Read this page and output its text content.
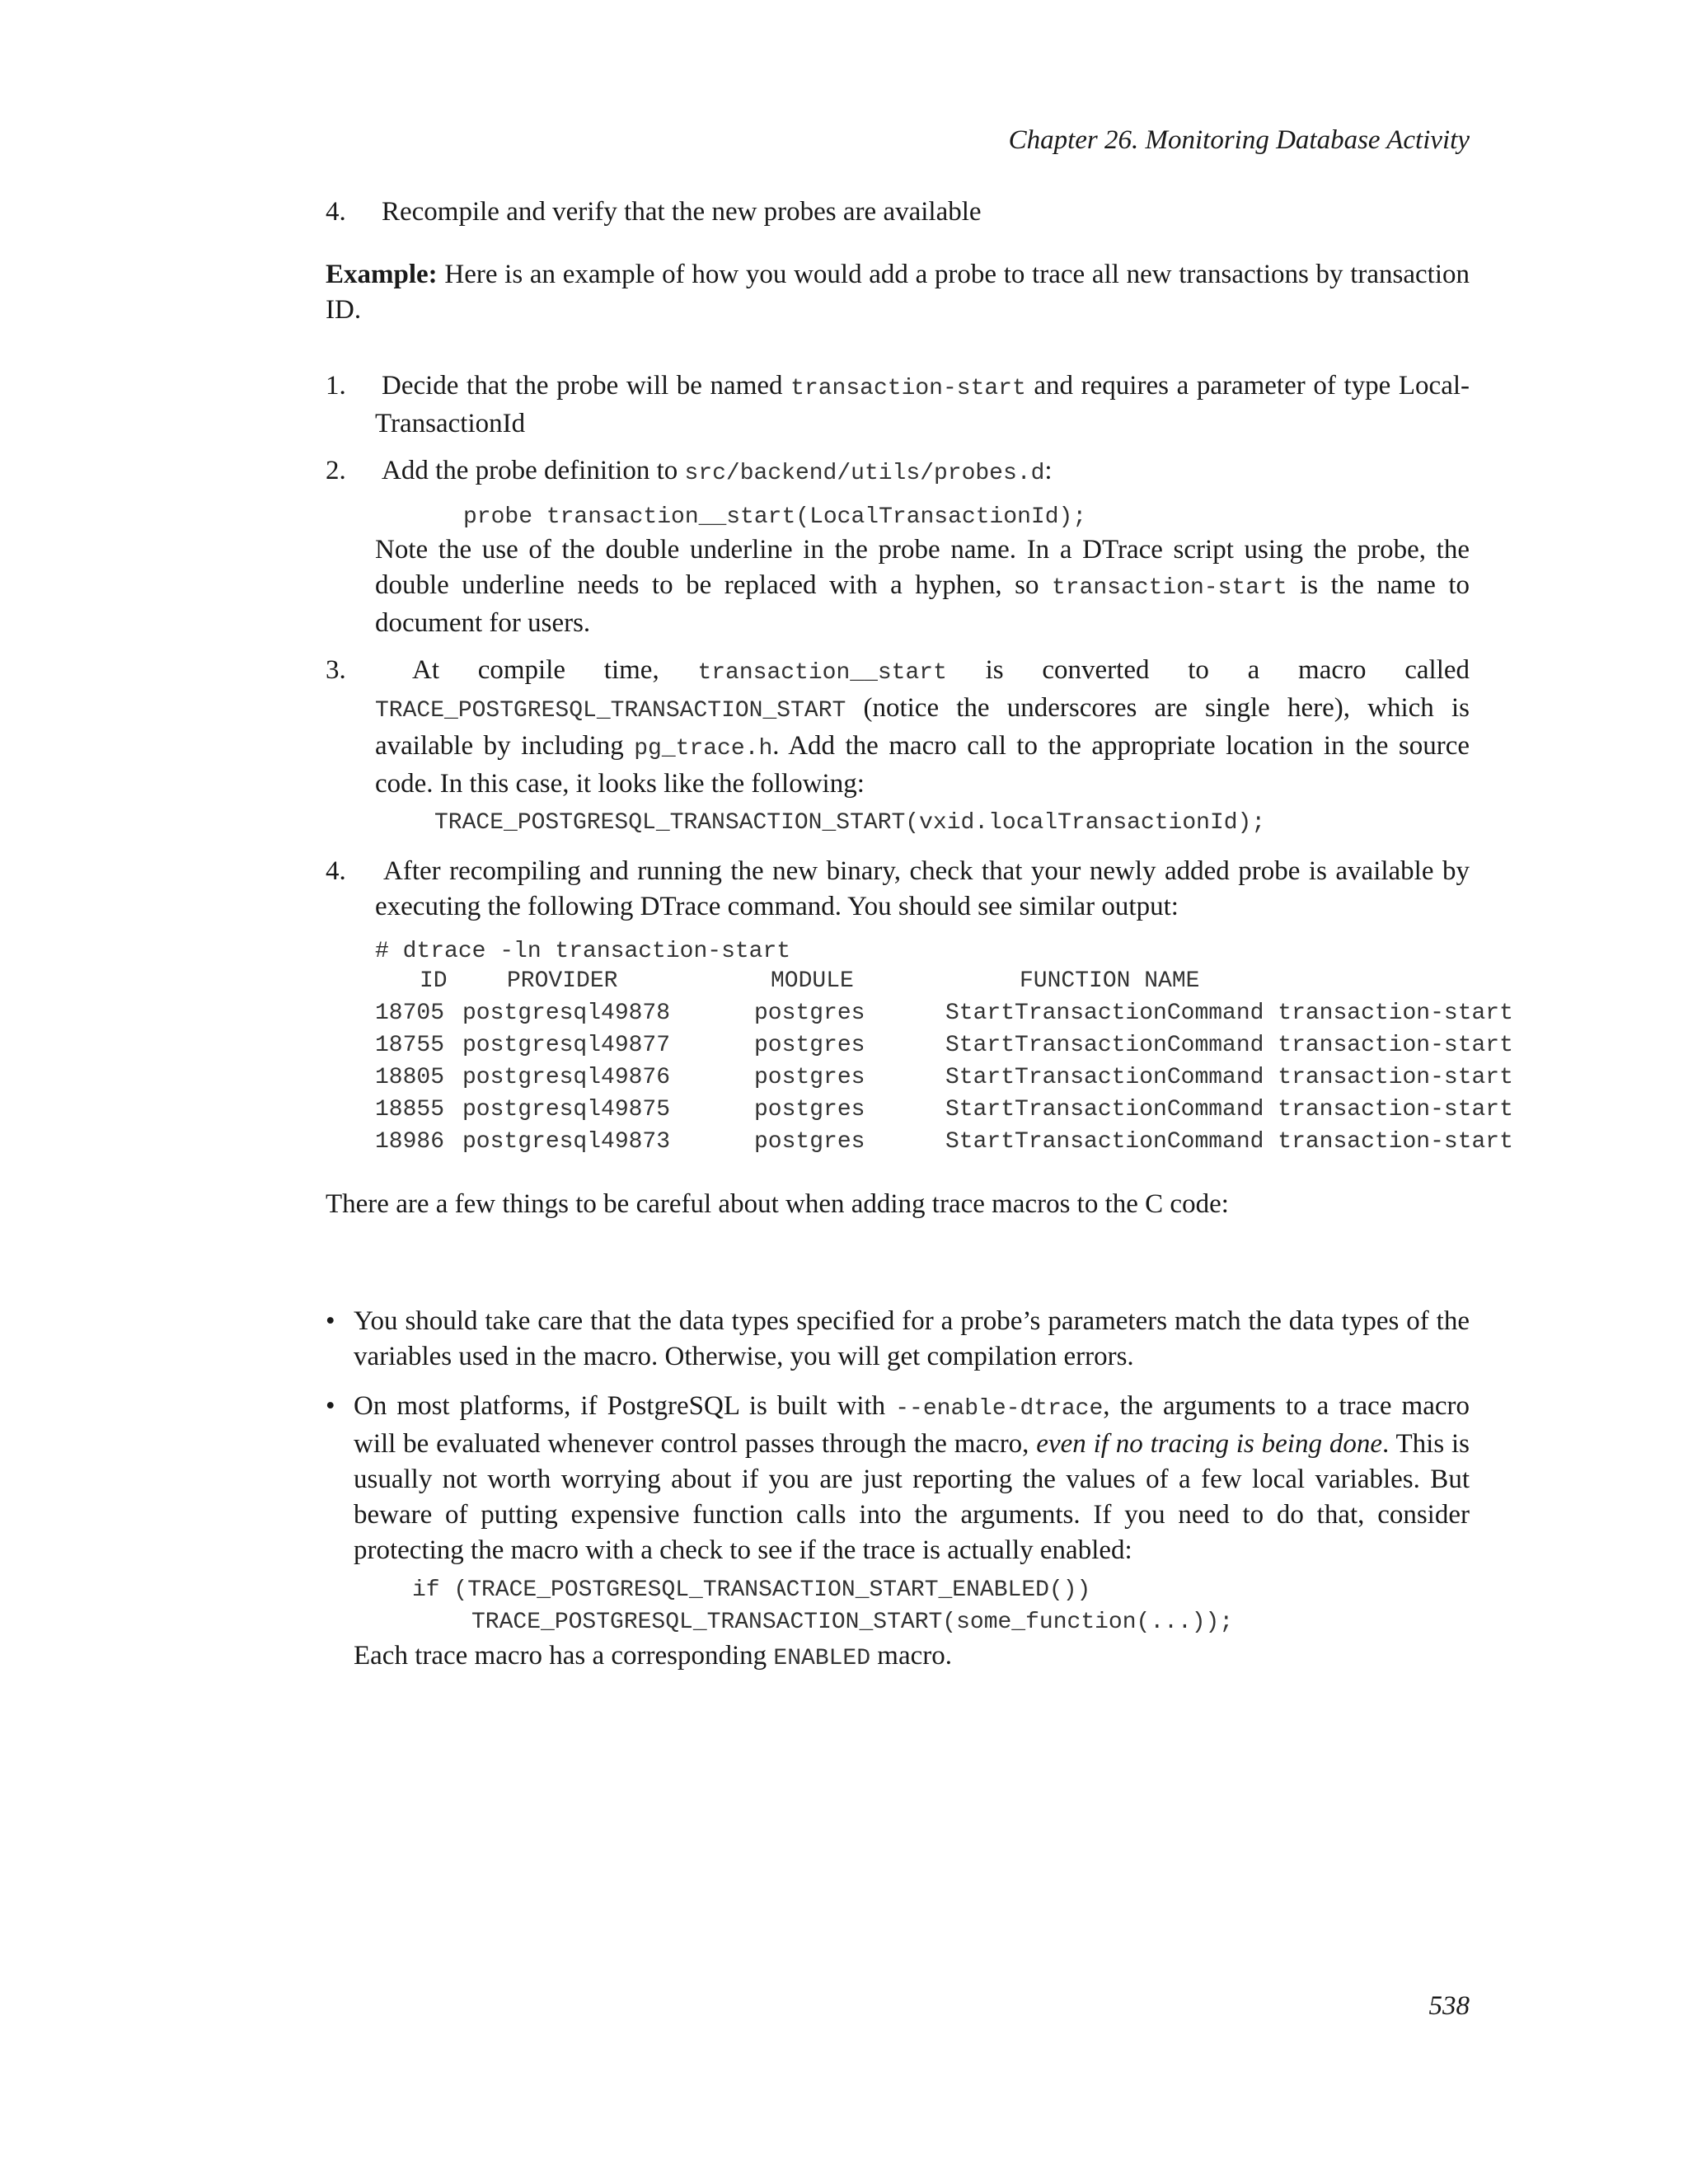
Chapter 26. Monitoring Database Activity
4. Recompile and verify that the new probes are available
Example: Here is an example of how you would add a probe to trace all new transactions by transaction ID.
1. Decide that the probe will be named transaction-start and requires a parameter of type Local-TransactionId
2. Add the probe definition to src/backend/utils/probes.d:
probe transaction__start(LocalTransactionId);
Note the use of the double underline in the probe name. In a DTrace script using the probe, the double underline needs to be replaced with a hyphen, so transaction-start is the name to document for users.
3.	At compile time, transaction__start is converted to a macro called TRACE_POSTGRESQL_TRANSACTION_START (notice the underscores are single here), which is available by including pg_trace.h. Add the macro call to the appropriate location in the source code. In this case, it looks like the following:
TRACE_POSTGRESQL_TRANSACTION_START(vxid.localTransactionId);
4.	After recompiling and running the new binary, check that your newly added probe is available by executing the following DTrace command. You should see similar output:
# dtrace -ln transaction-start
ID	PROVIDER	MODULE	FUNCTION NAME
18705 postgresql49878	postgres	StartTransactionCommand transaction-start
18755 postgresql49877	postgres	StartTransactionCommand transaction-start
18805 postgresql49876	postgres	StartTransactionCommand transaction-start
18855 postgresql49875	postgres	StartTransactionCommand transaction-start
18986 postgresql49873	postgres	StartTransactionCommand transaction-start
There are a few things to be careful about when adding trace macros to the C code:
• You should take care that the data types specified for a probe’s parameters match the data types of the variables used in the macro. Otherwise, you will get compilation errors.
• On most platforms, if PostgreSQL is built with --enable-dtrace, the arguments to a trace macro will be evaluated whenever control passes through the macro, even if no tracing is being done. This is usually not worth worrying about if you are just reporting the values of a few local variables. But beware of putting expensive function calls into the arguments. If you need to do that, consider protecting the macro with a check to see if the trace is actually enabled:
if (TRACE_POSTGRESQL_TRANSACTION_START_ENABLED())
TRACE_POSTGRESQL_TRANSACTION_START(some_function(...));
Each trace macro has a corresponding ENABLED macro.
538
